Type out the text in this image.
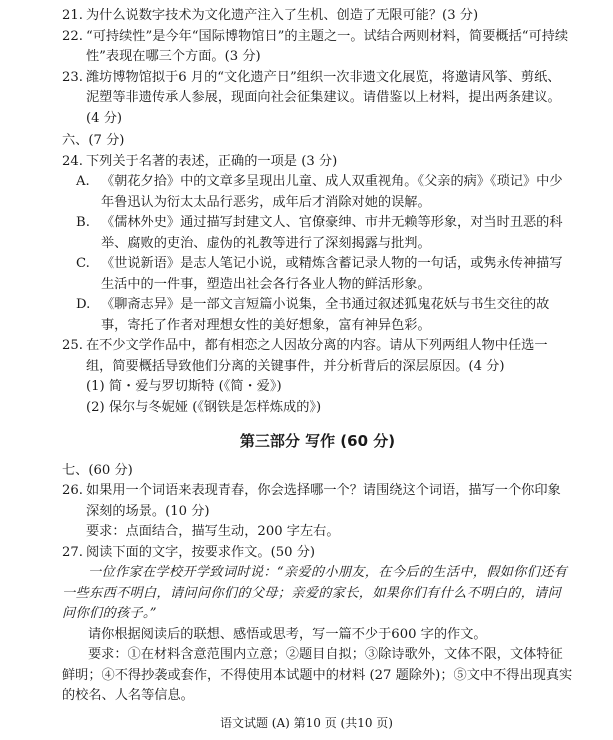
21. 为什么说数字技术为文化遗产注入了生机、创造了无限可能？(3 分)
22. “可持续性”是今年“国际博物馆日”的主题之一。试结合两则材料，简要概括“可持续性”表现在哪三个方面。(3 分)
23. 潍坊博物馆拟于6 月的“文化遗产日”组织一次非遗文化展览，将邀请风筝、剪纸、泥塑等非遗传承人参展，现面向社会征集建议。请借鉴以上材料，提出两条建议。(4 分)
六、(7 分)
24. 下列关于名著的表述，正确的一项是 (3 分)
A. 《朝花夕拾》中的文章多呈现出儿童、成人双重视角。《父亲的病》《琐记》中少年鲁迅认为衍太太品行恶劣，成年后才消除对她的误解。
B. 《儒林外史》通过描写封建文人、官僚豪绅、市井无赖等形象，对当时丑恶的科举、腐败的吏治、虚伪的礼教等进行了深刻揭露与批判。
C. 《世说新语》是志人笔记小说，或精炼含蓄记录人物的一句话，或隽永传神描写生活中的一件事，塑造出社会各行各业人物的鲜活形象。
D. 《聊斋志异》是一部文言短篇小说集，全书通过叙述狐鬼花妖与书生交往的故事，寄托了作者对理想女性的美好想象，富有神异色彩。
25. 在不少文学作品中，都有相恋之人因故分离的内容。请从下列两组人物中任选一组，简要概括导致他们分离的关键事件，并分析背后的深层原因。(4 分)
(1) 简・爱与罗切斯特 (《简・爱》)
(2) 保尔与冬妮娅 (《钢铁是怎样炼成的》)
第三部分 写作 (60 分)
七、(60 分)
26. 如果用一个词语来表现青春，你会选择哪一个？请围绕这个词语，描写一个你印象深刻的场景。(10 分)
要求：点面结合，描写生动，200 字左右。
27. 阅读下面的文字，按要求作文。(50 分)
一位作家在学校开学致词时说：“亲爱的小朋友，在今后的生活中，假如你们还有一些东西不明白，请问问你们的父母；亲爱的家长，如果你们有什么不明白的，请问问你们的孩子。”
请你根据阅读后的联想、感悟或思考，写一篇不少于600 字的作文。
要求：①在材料含意范围内立意；②题目自拟；③除诗歌外，文体不限，文体特征鲜明；④不得抄袭或套作，不得使用本试题中的材料 (27 题除外)；⑤文中不得出现真实的校名、人名等信息。
语文试题 (A) 第10 页 (共10 页)
